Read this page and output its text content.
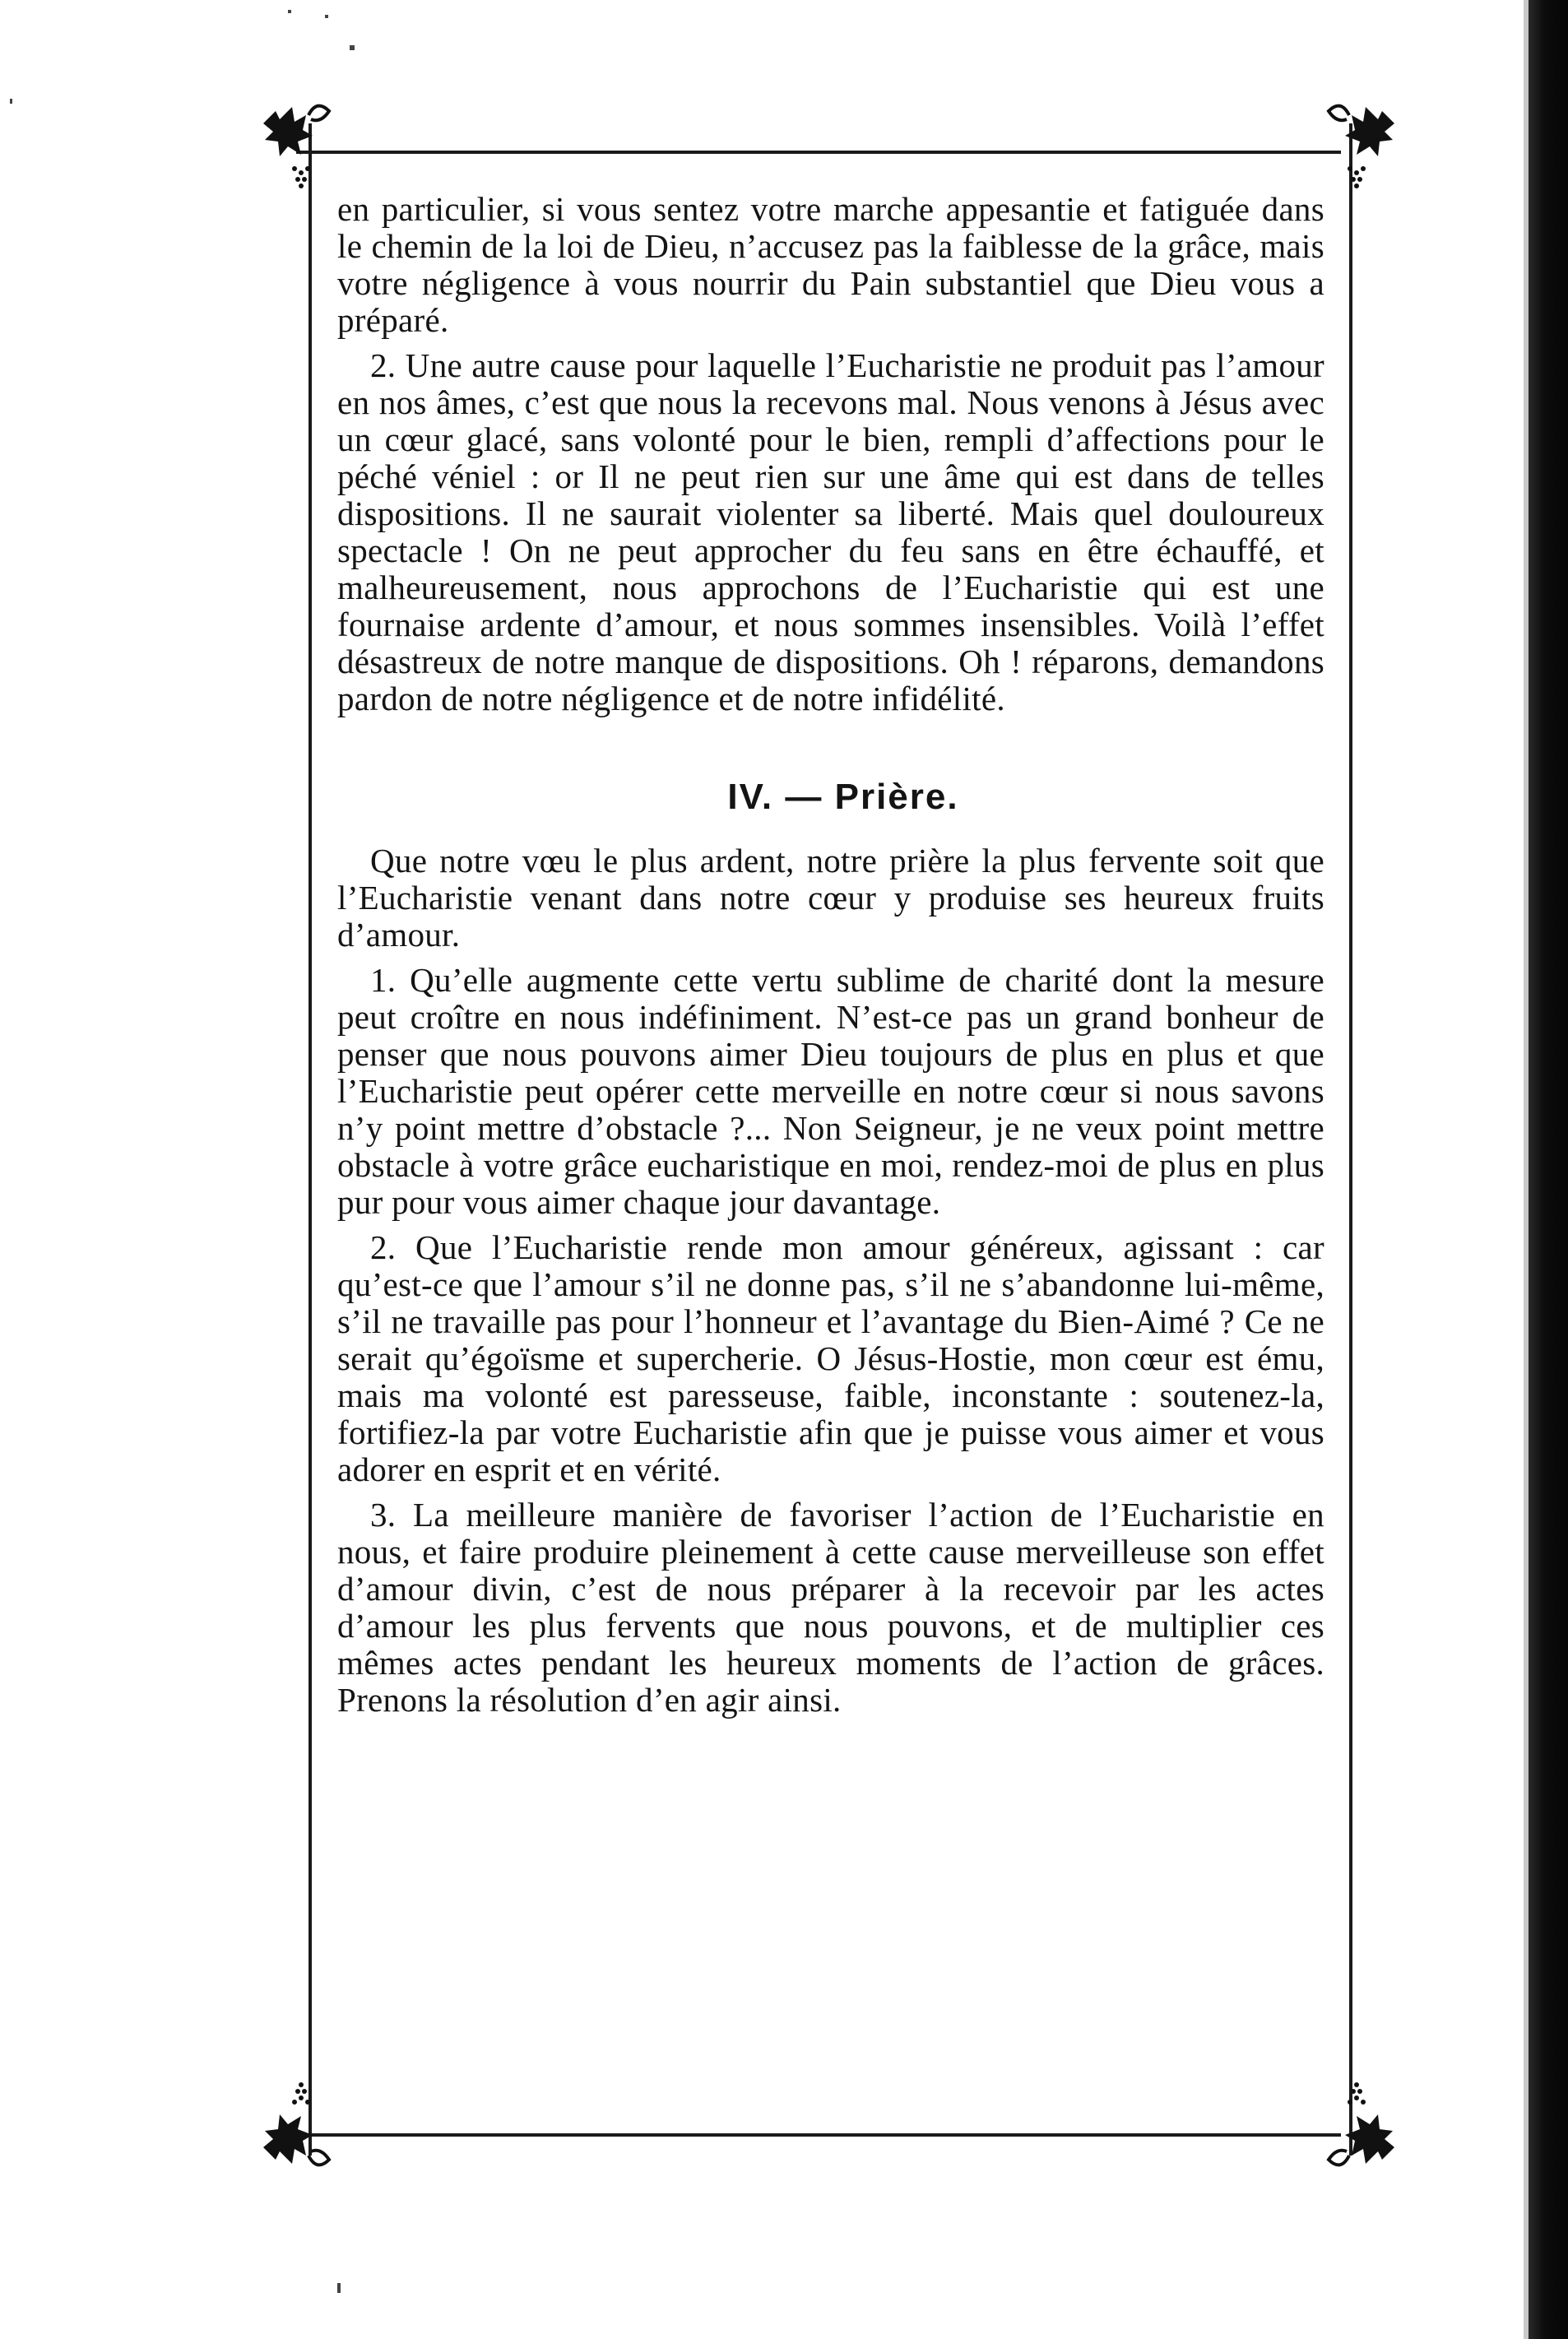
en particulier, si vous sentez votre marche appesantie et fatiguée dans le chemin de la loi de Dieu, n’accusez pas la faiblesse de la grâce, mais votre négligence à vous nourrir du Pain substantiel que Dieu vous a préparé.

2. Une autre cause pour laquelle l’Eucharistie ne produit pas l’amour en nos âmes, c’est que nous la recevons mal. Nous venons à Jésus avec un cœur glacé, sans volonté pour le bien, rempli d’affections pour le péché véniel : or Il ne peut rien sur une âme qui est dans de telles dispositions. Il ne saurait violenter sa liberté. Mais quel douloureux spectacle ! On ne peut approcher du feu sans en être échauffé, et malheureusement, nous approchons de l’Eucharistie qui est une fournaise ardente d’amour, et nous sommes insensibles. Voilà l’effet désastreux de notre manque de dispositions. Oh ! réparons, demandons pardon de notre négligence et de notre infidélité.

IV. — Prière.

Que notre vœu le plus ardent, notre prière la plus fervente soit que l’Eucharistie venant dans notre cœur y produise ses heureux fruits d’amour.

1. Qu’elle augmente cette vertu sublime de charité dont la mesure peut croître en nous indéfiniment. N’est-ce pas un grand bonheur de penser que nous pouvons aimer Dieu toujours de plus en plus et que l’Eucharistie peut opérer cette merveille en notre cœur si nous savons n’y point mettre d’obstacle ?... Non Seigneur, je ne veux point mettre obstacle à votre grâce eucharistique en moi, rendez-moi de plus en plus pur pour vous aimer chaque jour davantage.

2. Que l’Eucharistie rende mon amour généreux, agissant : car qu’est-ce que l’amour s’il ne donne pas, s’il ne s’abandonne lui-même, s’il ne travaille pas pour l’honneur et l’avantage du Bien-Aimé ? Ce ne serait qu’égoïsme et supercherie. O Jésus-Hostie, mon cœur est ému, mais ma volonté est paresseuse, faible, inconstante : soutenez-la, fortifiez-la par votre Eucharistie afin que je puisse vous aimer et vous adorer en esprit et en vérité.

3. La meilleure manière de favoriser l’action de l’Eucharistie en nous, et faire produire pleinement à cette cause merveilleuse son effet d’amour divin, c’est de nous préparer à la recevoir par les actes d’amour les plus fervents que nous pouvons, et de multiplier ces mêmes actes pendant les heureux moments de l’action de grâces. Prenons la résolution d’en agir ainsi.
